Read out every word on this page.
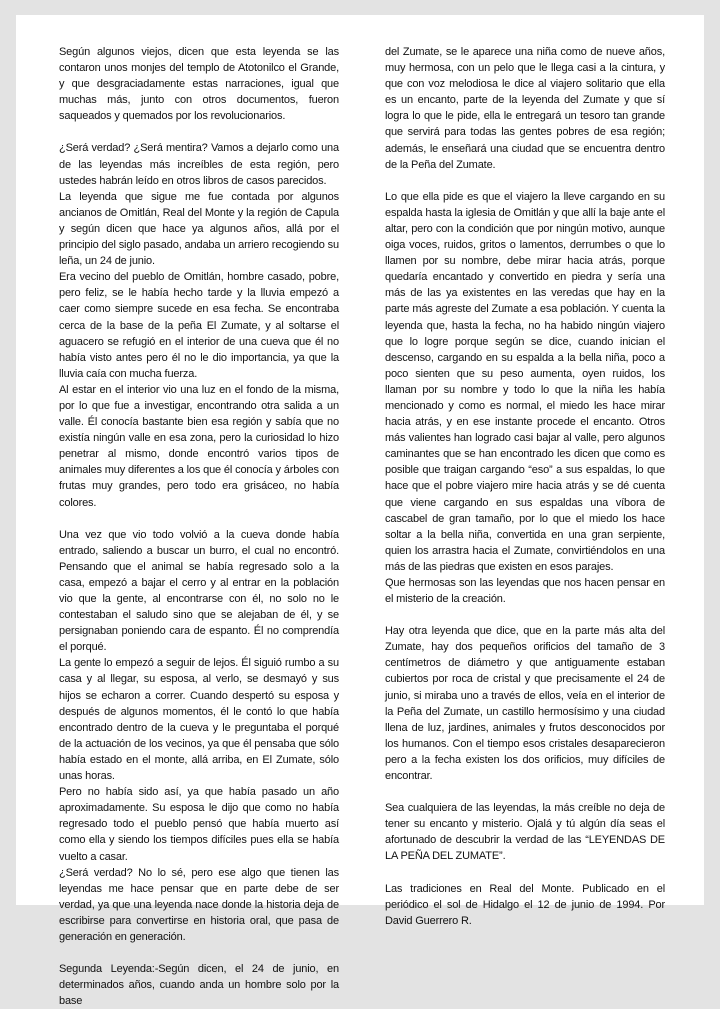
Según algunos viejos, dicen que esta leyenda se las contaron unos monjes del templo de Atotonilco el Grande, y que desgraciadamente estas narraciones, igual que muchas más, junto con otros documentos, fueron saqueados y quemados por los revolucionarios.

¿Será verdad? ¿Será mentira? Vamos a dejarlo como una de las leyendas más increíbles de esta región, pero ustedes habrán leído en otros libros de casos parecidos.

La leyenda que sigue me fue contada por algunos ancianos de Omitlán, Real del Monte y la región de Capula y según dicen que hace ya algunos años, allá por el principio del siglo pasado, andaba un arriero recogiendo su leña, un 24 de junio.

Era vecino del pueblo de Omitlán, hombre casado, pobre, pero feliz, se le había hecho tarde y la lluvia empezó a caer como siempre sucede en esa fecha. Se encontraba cerca de la base de la peña El Zumate, y al soltarse el aguacero se refugió en el interior de una cueva que él no había visto antes pero él no le dio importancia, ya que la lluvia caía con mucha fuerza.

Al estar en el interior vio una luz en el fondo de la misma, por lo que fue a investigar, encontrando otra salida a un valle. Él conocía bastante bien esa región y sabía que no existía ningún valle en esa zona, pero la curiosidad lo hizo penetrar al mismo, donde encontró varios tipos de animales muy diferentes a los que él conocía y árboles con frutas muy grandes, pero todo era grisáceo, no había colores.

Una vez que vio todo volvió a la cueva donde había entrado, saliendo a buscar un burro, el cual no encontró. Pensando que el animal se había regresado solo a la casa, empezó a bajar el cerro y al entrar en la población vio que la gente, al encontrarse con él, no solo no le contestaban el saludo sino que se alejaban de él, y se persignaban poniendo cara de espanto. Él no comprendía el porqué.

La gente lo empezó a seguir de lejos. Él siguió rumbo a su casa y al llegar, su esposa, al verlo, se desmayó y sus hijos se echaron a correr. Cuando despertó su esposa y después de algunos momentos, él le contó lo que había encontrado dentro de la cueva y le preguntaba el porqué de la actuación de los vecinos, ya que él pensaba que sólo había estado en el monte, allá arriba, en El Zumate, sólo unas horas.

Pero no había sido así, ya que había pasado un año aproximadamente. Su esposa le dijo que como no había regresado todo el pueblo pensó que había muerto así como ella y siendo los tiempos difíciles pues ella se había vuelto a casar.

¿Será verdad? No lo sé, pero ese algo que tienen las leyendas me hace pensar que en parte debe de ser verdad, ya que una leyenda nace donde la historia deja de escribirse para convertirse en historia oral, que pasa de generación en generación.

Segunda Leyenda:-Según dicen, el 24 de junio, en determinados años, cuando anda un hombre solo por la base

del Zumate, se le aparece una niña como de nueve años, muy hermosa, con un pelo que le llega casi a la cintura, y que con voz melodiosa le dice al viajero solitario que ella es un encanto, parte de la leyenda del Zumate y que sí logra lo que le pide, ella le entregará un tesoro tan grande que servirá para todas las gentes pobres de esa región; además, le enseñará una ciudad que se encuentra dentro de la Peña del Zumate.

Lo que ella pide es que el viajero la lleve cargando en su espalda hasta la iglesia de Omitlán y que allí la baje ante el altar, pero con la condición que por ningún motivo, aunque oiga voces, ruidos, gritos o lamentos, derrumbes o que lo llamen por su nombre, debe mirar hacia atrás, porque quedaría encantado y convertido en piedra y sería una más de las ya existentes en las veredas que hay en la parte más agreste del Zumate a esa población. Y cuenta la leyenda que, hasta la fecha, no ha habido ningún viajero que lo logre porque según se dice, cuando inician el descenso, cargando en su espalda a la bella niña, poco a poco sienten que su peso aumenta, oyen ruidos, los llaman por su nombre y todo lo que la niña les había mencionado y como es normal, el miedo les hace mirar hacia atrás, y en ese instante procede el encanto. Otros más valientes han logrado casi bajar al valle, pero algunos caminantes que se han encontrado les dicen que como es posible que traigan cargando “eso” a sus espaldas, lo que hace que el pobre viajero mire hacia atrás y se dé cuenta que viene cargando en sus espaldas una víbora de cascabel de gran tamaño, por lo que el miedo los hace soltar a la bella niña, convertida en una gran serpiente, quien los arrastra hacia el Zumate, convirtiéndolos en una más de las piedras que existen en esos parajes.

Que hermosas son las leyendas que nos hacen pensar en el misterio de la creación.

Hay otra leyenda que dice, que en la parte más alta del Zumate, hay dos pequeños orificios del tamaño de 3 centímetros de diámetro y que antiguamente estaban cubiertos por roca de cristal y que precisamente el 24 de junio, si miraba uno a través de ellos, veía en el interior de la Peña del Zumate, un castillo hermosísimo y una ciudad llena de luz, jardines, animales y frutos desconocidos por los humanos. Con el tiempo esos cristales desaparecieron pero a la fecha existen los dos orificios, muy difíciles de encontrar.

Sea cualquiera de las leyendas, la más creíble no deja de tener su encanto y misterio. Ojalá y tú algún día seas el afortunado de descubrir la verdad de las “LEYENDAS DE LA PEÑA DEL ZUMATE”.

Las tradiciones en Real del Monte. Publicado en el periódico el sol de Hidalgo el 12 de junio de 1994. Por David Guerrero R.
